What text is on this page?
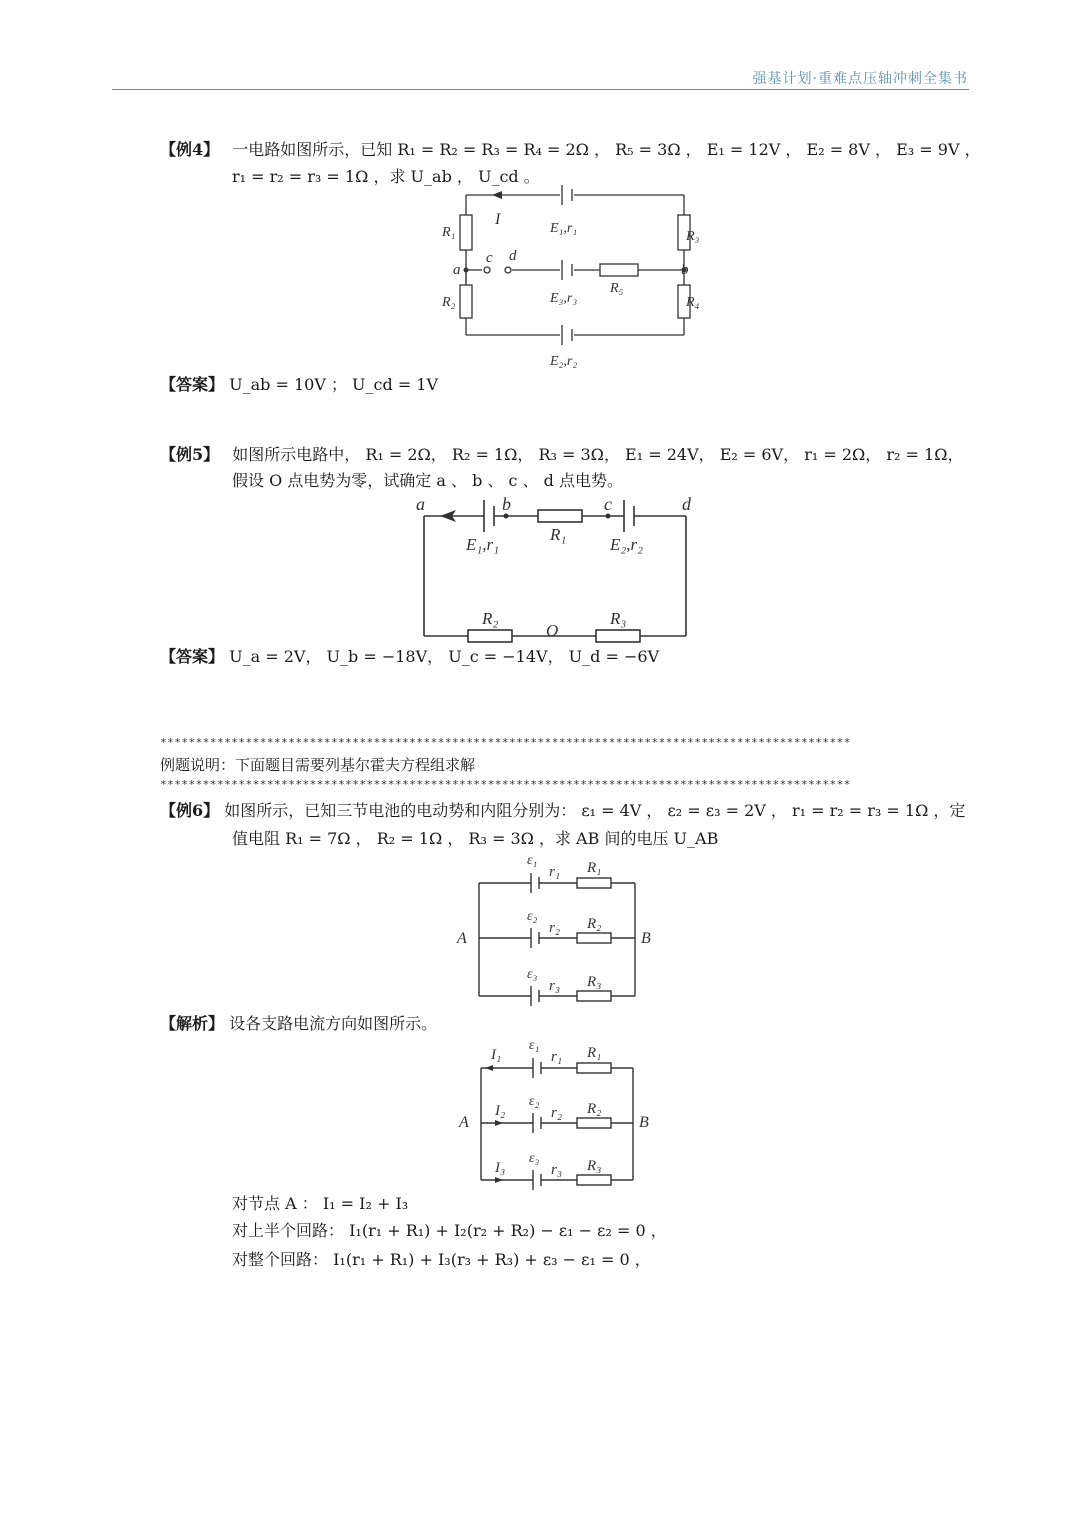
强基计划·重难点压轴冲刺全集书
【例4】 一电路如图所示，已知 R₁ = R₂ = R₃ = R₄ = 2Ω ， R₅ = 3Ω ， E₁ = 12V ， E₂ = 8V ， E₃ = 9V ，
r₁ = r₂ = r₃ = 1Ω ，求 U_ab ， U_cd 。
I
E₁,r₁
R₁	R₃
a
c d
b
E₃,r₃
R₅
R₂	R₄
E₂,r₂
【答案】 U_ab = 10V ； U_cd = 1V
【例5】 如图所示电路中， R₁ = 2Ω， R₂ = 1Ω， R₃ = 3Ω， E₁ = 24V， E₂ = 6V， r₁ = 2Ω， r₂ = 1Ω，
假设 O 点电势为零，试确定 a 、 b 、 c 、 d 点电势。
a	b	c	d
R₁
E₁,r₁	E₂,r₂
R₂
O
R₃
【答案】 U_a = 2V， U_b = −18V， U_c = −14V， U_d = −6V
*************************************************************************************************
例题说明：下面题目需要列基尔霍夫方程组求解
*************************************************************************************************
【例6】 如图所示，已知三节电池的电动势和内阻分别为： ε₁ = 4V ， ε₂ = ε₃ = 2V ， r₁ = r₂ = r₃ = 1Ω ，定
值电阻 R₁ = 7Ω ， R₂ = 1Ω ， R₃ = 3Ω ，求 AB 间的电压 U_AB
ε₁
r₁ R₁
A	B
ε₂
r₂ R₂
ε₃
r₃ R₃
【解析】 设各支路电流方向如图所示。
I₁
ε₁
r₁ R₁
A	B
I₂
ε₂
r₂ R₂
I₃
ε₃
r₃ R₃
对节点 A ： I₁ = I₂ + I₃
对上半个回路： I₁(r₁ + R₁) + I₂(r₂ + R₂) − ε₁ − ε₂ = 0 ，
对整个回路： I₁(r₁ + R₁) + I₃(r₃ + R₃) + ε₃ − ε₁ = 0 ，
